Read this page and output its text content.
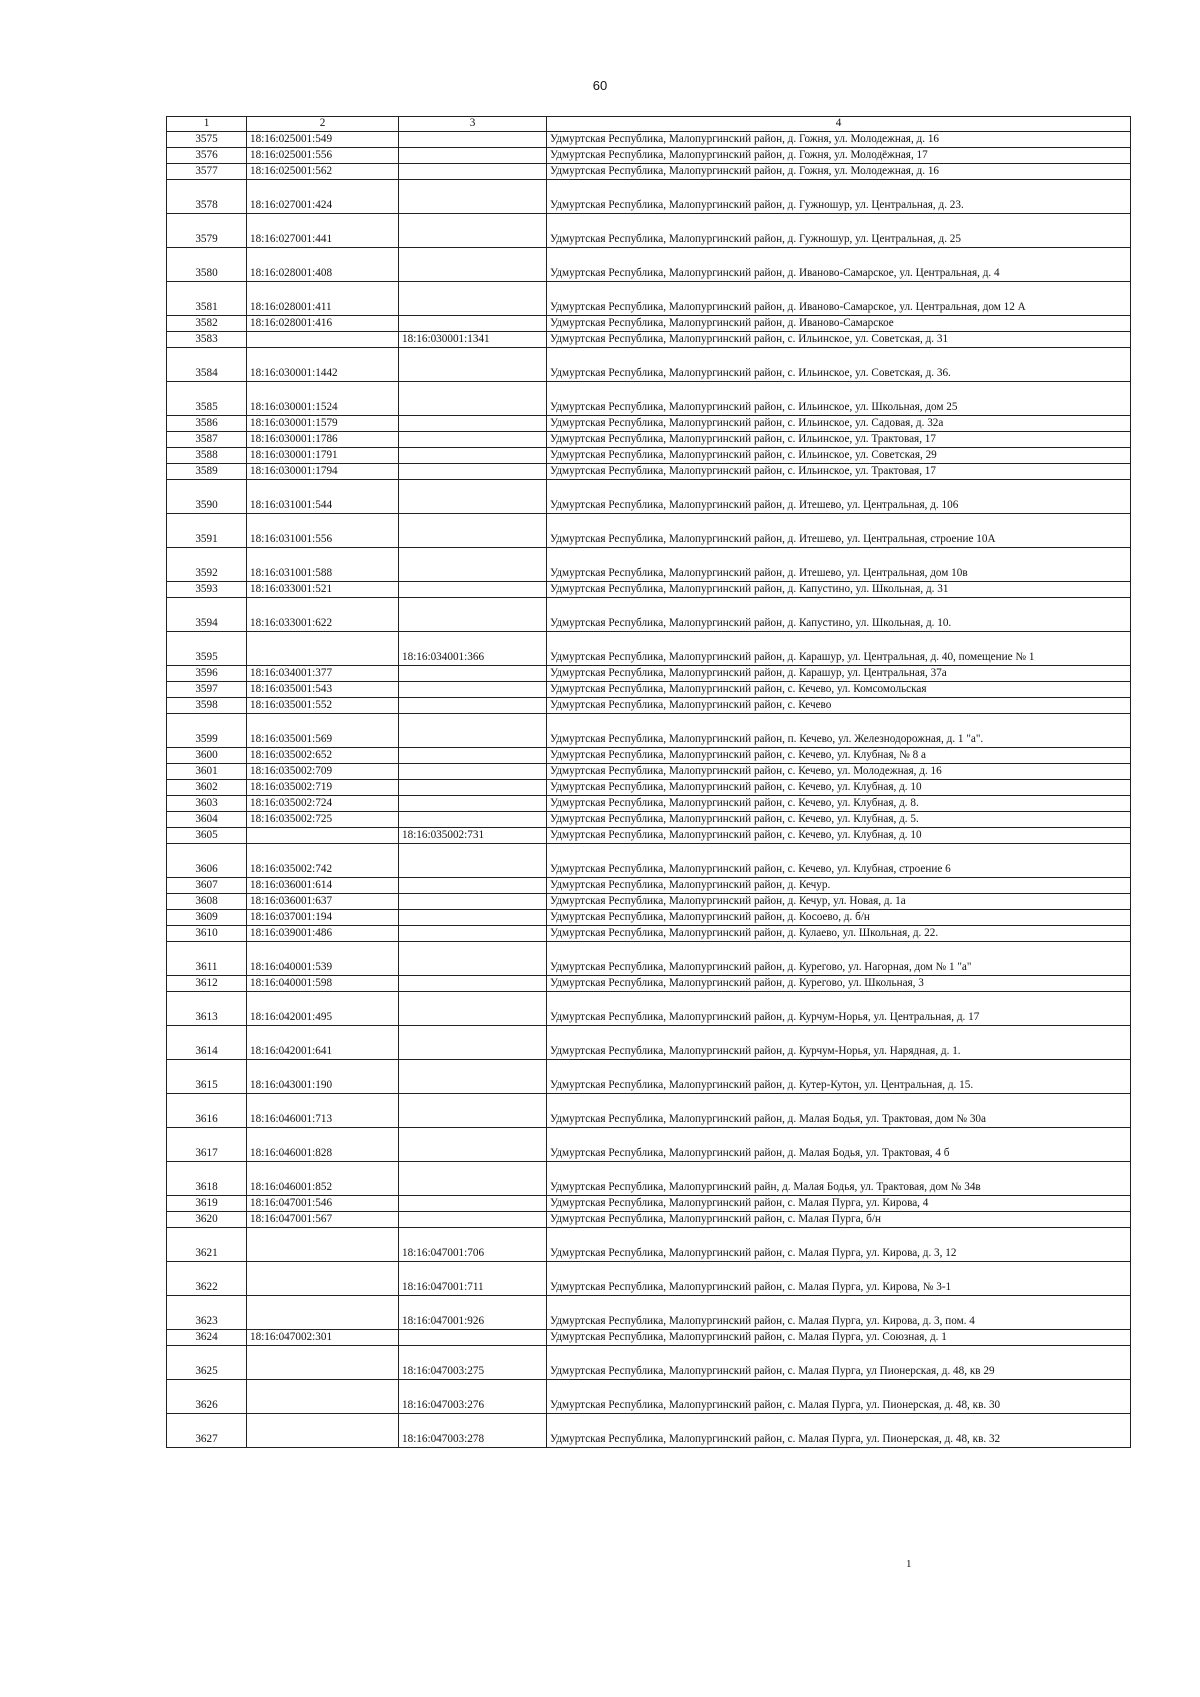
60
1	2	3	4
3575	18:16:025001:549		Удмуртская Республика, Малопургинский район, д. Гожня, ул. Молодежная, д. 16
3576	18:16:025001:556		Удмуртская Республика, Малопургинский район, д. Гожня, ул. Молодёжная, 17
3577	18:16:025001:562		Удмуртская Республика, Малопургинский район, д. Гожня, ул. Молодежная, д. 16
3578	18:16:027001:424		Удмуртская Республика, Малопургинский район, д. Гужношур, ул. Центральная, д. 23.
3579	18:16:027001:441		Удмуртская Республика, Малопургинский район, д. Гужношур, ул. Центральная, д. 25
3580	18:16:028001:408		Удмуртская Республика, Малопургинский район, д. Иваново-Самарское, ул. Центральная, д. 4
3581	18:16:028001:411		Удмуртская Республика, Малопургинский район, д. Иваново-Самарское, ул. Центральная, дом 12 А
3582	18:16:028001:416		Удмуртская Республика, Малопургинский район, д. Иваново-Самарское
3583		18:16:030001:1341	Удмуртская Республика, Малопургинский район, с. Ильинское, ул. Советская, д. 31
3584	18:16:030001:1442		Удмуртская Республика, Малопургинский район, с. Ильинское, ул. Советская, д. 36.
3585	18:16:030001:1524		Удмуртская Республика, Малопургинский район, с. Ильинское, ул. Школьная, дом 25
3586	18:16:030001:1579		Удмуртская Республика, Малопургинский район, с. Ильинское, ул. Садовая, д. 32а
3587	18:16:030001:1786		Удмуртская Республика, Малопургинский район, с. Ильинское, ул. Трактовая, 17
3588	18:16:030001:1791		Удмуртская Республика, Малопургинский район, с. Ильинское, ул. Советская, 29
3589	18:16:030001:1794		Удмуртская Республика, Малопургинский район, с. Ильинское, ул. Трактовая, 17
3590	18:16:031001:544		Удмуртская Республика, Малопургинский район, д. Итешево, ул. Центральная, д. 106
3591	18:16:031001:556		Удмуртская Республика, Малопургинский район, д. Итешево, ул. Центральная, строение 10А
3592	18:16:031001:588		Удмуртская Республика, Малопургинский район, д. Итешево, ул. Центральная, дом 10в
3593	18:16:033001:521		Удмуртская Республика, Малопургинский район, д. Капустино, ул. Школьная, д. 31
3594	18:16:033001:622		Удмуртская Республика, Малопургинский район, д. Капустино, ул. Школьная, д. 10.
3595		18:16:034001:366	Удмуртская Республика, Малопургинский район, д. Карашур, ул. Центральная, д. 40, помещение № 1
3596	18:16:034001:377		Удмуртская Республика, Малопургинский район, д. Карашур, ул. Центральная, 37а
3597	18:16:035001:543		Удмуртская Республика, Малопургинский район, с. Кечево, ул. Комсомольская
3598	18:16:035001:552		Удмуртская Республика, Малопургинский район, с. Кечево
3599	18:16:035001:569		Удмуртская Республика, Малопургинский район, п. Кечево, ул. Железнодорожная, д. 1 "а".
3600	18:16:035002:652		Удмуртская Республика, Малопургинский район, с. Кечево, ул. Клубная, № 8 а
3601	18:16:035002:709		Удмуртская Республика, Малопургинский район, с. Кечево, ул. Молодежная, д. 16
3602	18:16:035002:719		Удмуртская Республика, Малопургинский район, с. Кечево, ул. Клубная, д. 10
3603	18:16:035002:724		Удмуртская Республика, Малопургинский район, с. Кечево, ул. Клубная, д. 8.
3604	18:16:035002:725		Удмуртская Республика, Малопургинский район, с. Кечево, ул. Клубная, д. 5.
3605		18:16:035002:731	Удмуртская Республика, Малопургинский район, с. Кечево, ул. Клубная, д. 10
3606	18:16:035002:742		Удмуртская Республика, Малопургинский район, с. Кечево, ул. Клубная, строение 6
3607	18:16:036001:614		Удмуртская Республика, Малопургинский район, д. Кечур.
3608	18:16:036001:637		Удмуртская Республика, Малопургинский район, д. Кечур, ул. Новая, д. 1а
3609	18:16:037001:194		Удмуртская Республика, Малопургинский район, д. Косоево, д. б/н
3610	18:16:039001:486		Удмуртская Республика, Малопургинский район, д. Кулаево, ул. Школьная, д. 22.
3611	18:16:040001:539		Удмуртская Республика, Малопургинский район, д. Курегово, ул. Нагорная, дом № 1 "а"
3612	18:16:040001:598		Удмуртская Республика, Малопургинский район, д. Курегово, ул. Школьная, 3
3613	18:16:042001:495		Удмуртская Республика, Малопургинский район, д. Курчум-Норья, ул. Центральная, д. 17
3614	18:16:042001:641		Удмуртская Республика, Малопургинский район, д. Курчум-Норья, ул. Нарядная, д. 1.
3615	18:16:043001:190		Удмуртская Республика, Малопургинский район, д. Кутер-Кутон, ул. Центральная, д. 15.
3616	18:16:046001:713		Удмуртская Республика, Малопургинский район, д. Малая Бодья, ул. Трактовая, дом № 30а
3617	18:16:046001:828		Удмуртская Республика, Малопургинский район, д. Малая Бодья, ул. Трактовая, 4 б
3618	18:16:046001:852		Удмуртская Республика, Малопургинский райн, д. Малая Бодья, ул. Трактовая, дом № 34в
3619	18:16:047001:546		Удмуртская Республика, Малопургинский район, с. Малая Пурга, ул. Кирова, 4
3620	18:16:047001:567		Удмуртская Республика, Малопургинский район, с. Малая Пурга, б/н
3621		18:16:047001:706	Удмуртская Республика, Малопургинский район, с. Малая Пурга, ул. Кирова, д. 3, 12
3622		18:16:047001:711	Удмуртская Республика, Малопургинский район, с. Малая Пурга, ул. Кирова, № 3-1
3623		18:16:047001:926	Удмуртская Республика, Малопургинский район, с. Малая Пурга, ул. Кирова, д. 3, пом. 4
3624	18:16:047002:301		Удмуртская Республика, Малопургинский район, с. Малая Пурга, ул. Союзная, д. 1
3625		18:16:047003:275	Удмуртская Республика, Малопургинский район, с. Малая Пурга, ул Пионерская, д. 48, кв 29
3626		18:16:047003:276	Удмуртская Республика, Малопургинский район, с. Малая Пурга, ул. Пионерская, д. 48, кв. 30
3627		18:16:047003:278	Удмуртская Республика, Малопургинский район, с. Малая Пурга, ул. Пионерская, д. 48, кв. 32
1
